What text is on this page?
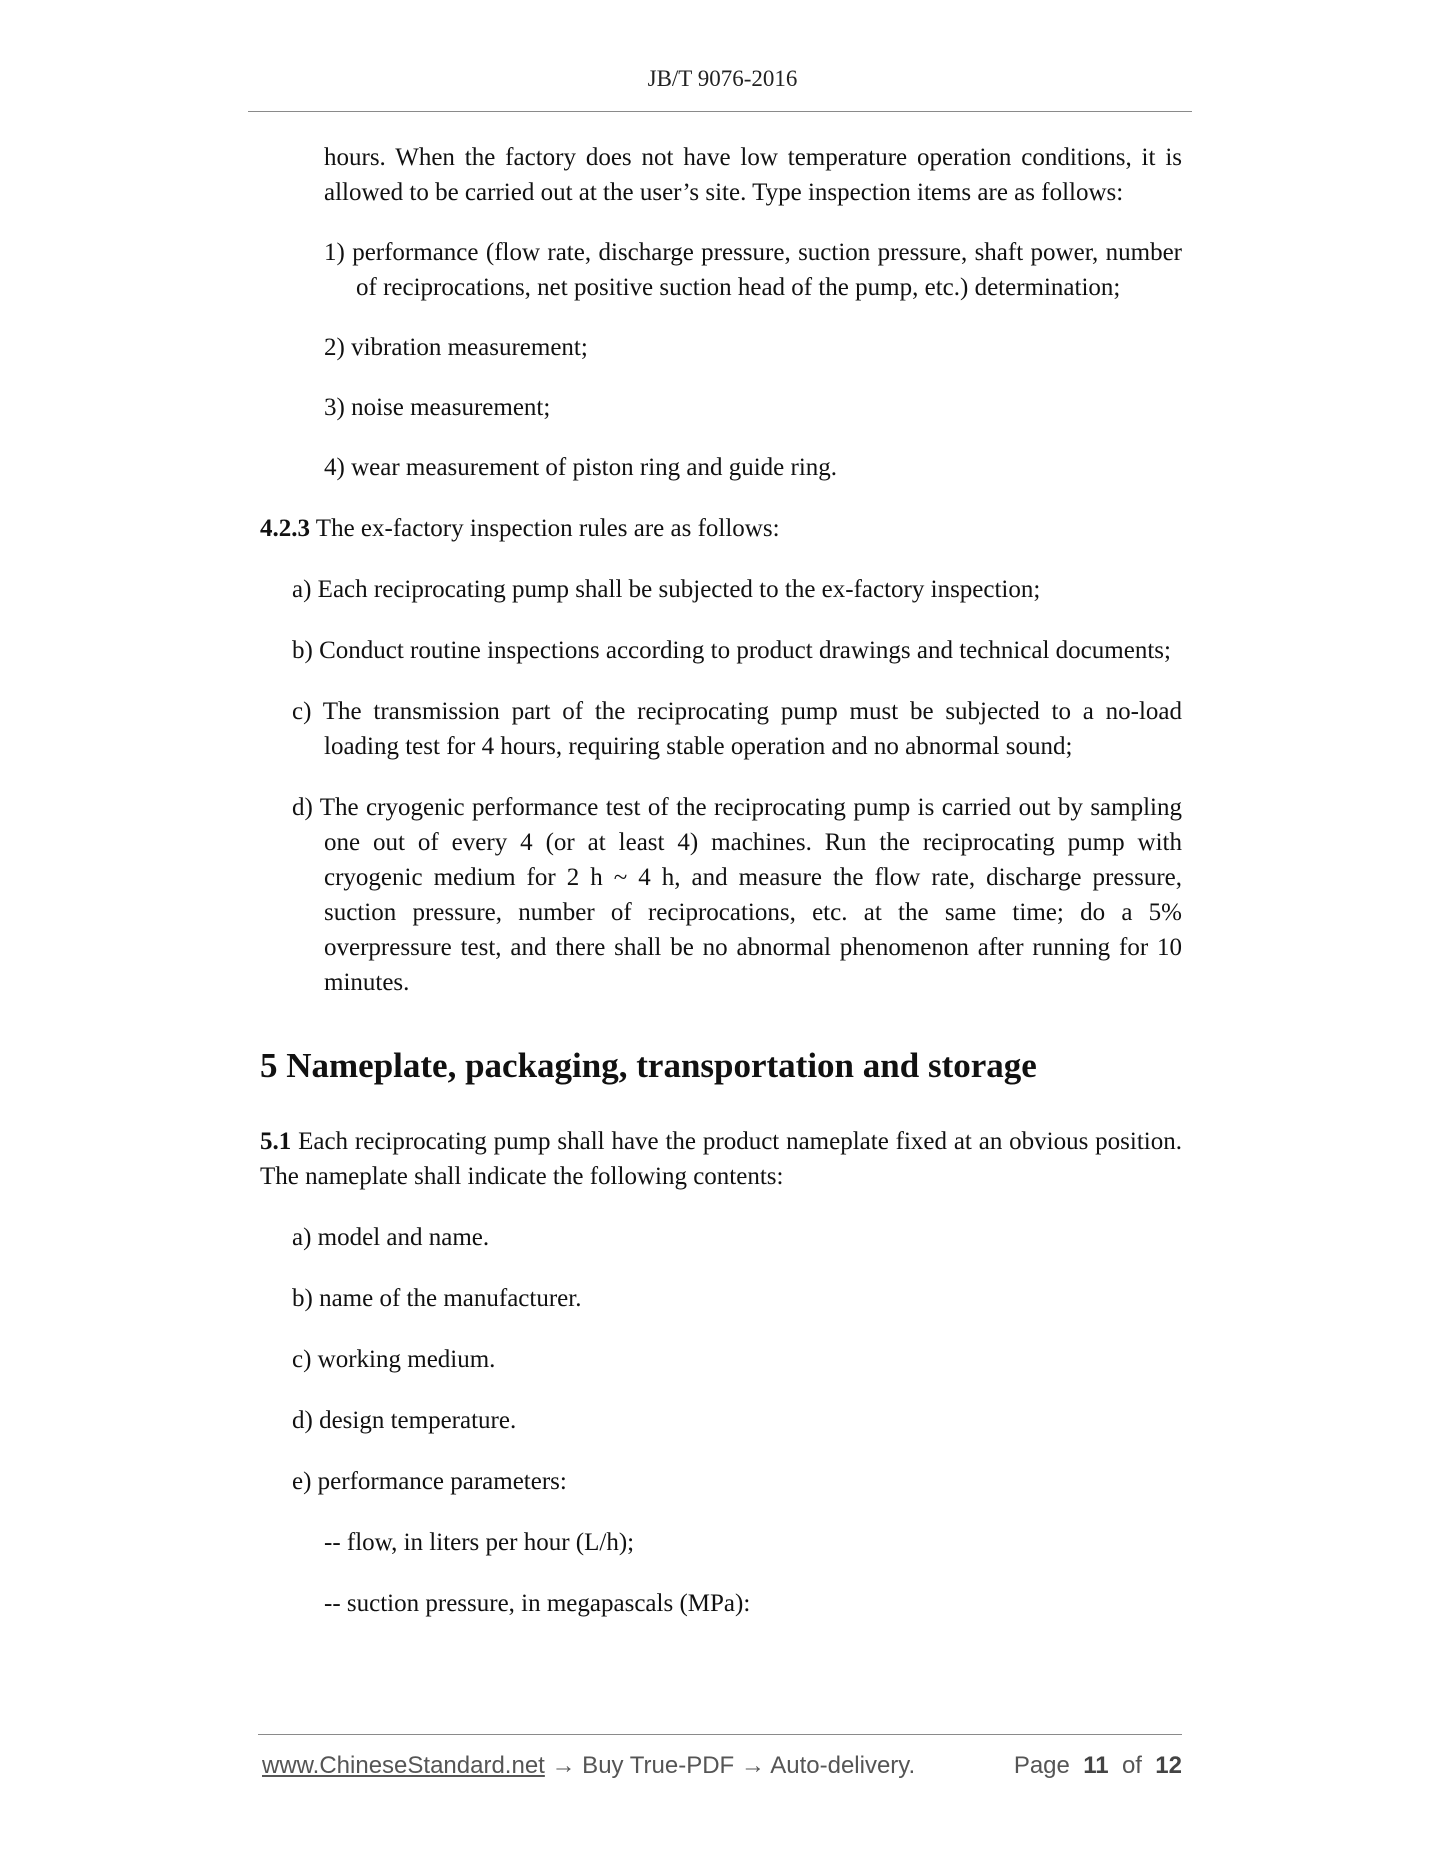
JB/T 9076-2016

hours. When the factory does not have low temperature operation conditions, it is allowed to be carried out at the user’s site. Type inspection items are as follows:

1) performance (flow rate, discharge pressure, suction pressure, shaft power, number of reciprocations, net positive suction head of the pump, etc.) determination;

2) vibration measurement;

3) noise measurement;

4) wear measurement of piston ring and guide ring.

4.2.3 The ex-factory inspection rules are as follows:

a) Each reciprocating pump shall be subjected to the ex-factory inspection;

b) Conduct routine inspections according to product drawings and technical documents;

c) The transmission part of the reciprocating pump must be subjected to a no-load loading test for 4 hours, requiring stable operation and no abnormal sound;

d) The cryogenic performance test of the reciprocating pump is carried out by sampling one out of every 4 (or at least 4) machines. Run the reciprocating pump with cryogenic medium for 2 h ~ 4 h, and measure the flow rate, discharge pressure, suction pressure, number of reciprocations, etc. at the same time; do a 5% overpressure test, and there shall be no abnormal phenomenon after running for 10 minutes.

5 Nameplate, packaging, transportation and storage

5.1 Each reciprocating pump shall have the product nameplate fixed at an obvious position. The nameplate shall indicate the following contents:

a) model and name.

b) name of the manufacturer.

c) working medium.

d) design temperature.

e) performance parameters:

-- flow, in liters per hour (L/h);

-- suction pressure, in megapascals (MPa):

www.ChineseStandard.net → Buy True-PDF → Auto-delivery.	Page 11 of 12
